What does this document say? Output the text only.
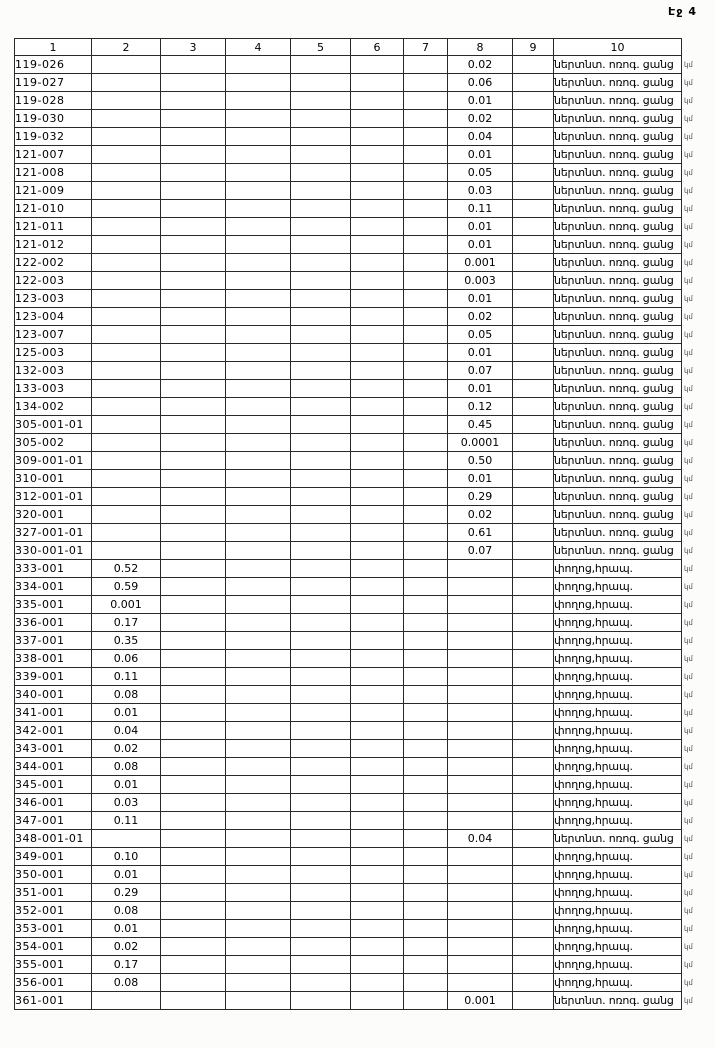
Էջ 4
1	2	3	4	5	6	7	8	9	10
119-026							0.02		ներտնտ. ոռոգ. ցանց
119-027							0.06		ներտնտ. ոռոգ. ցանց
119-028							0.01		ներտնտ. ոռոգ. ցանց
119-030							0.02		ներտնտ. ոռոգ. ցանց
119-032							0.04		ներտնտ. ոռոգ. ցանց
121-007							0.01		ներտնտ. ոռոգ. ցանց
121-008							0.05		ներտնտ. ոռոգ. ցանց
121-009							0.03		ներտնտ. ոռոգ. ցանց
121-010							0.11		ներտնտ. ոռոգ. ցանց
121-011							0.01		ներտնտ. ոռոգ. ցանց
121-012							0.01		ներտնտ. ոռոգ. ցանց
122-002							0.001		ներտնտ. ոռոգ. ցանց
122-003							0.003		ներտնտ. ոռոգ. ցանց
123-003							0.01		ներտնտ. ոռոգ. ցանց
123-004							0.02		ներտնտ. ոռոգ. ցանց
123-007							0.05		ներտնտ. ոռոգ. ցանց
125-003							0.01		ներտնտ. ոռոգ. ցանց
132-003							0.07		ներտնտ. ոռոգ. ցանց
133-003							0.01		ներտնտ. ոռոգ. ցանց
134-002							0.12		ներտնտ. ոռոգ. ցանց
305-001-01							0.45		ներտնտ. ոռոգ. ցանց
305-002							0.0001		ներտնտ. ոռոգ. ցանց
309-001-01							0.50		ներտնտ. ոռոգ. ցանց
310-001							0.01		ներտնտ. ոռոգ. ցանց
312-001-01							0.29		ներտնտ. ոռոգ. ցանց
320-001							0.02		ներտնտ. ոռոգ. ցանց
327-001-01							0.61		ներտնտ. ոռոգ. ցանց
330-001-01							0.07		ներտնտ. ոռոգ. ցանց
333-001	0.52								փողոց,հրապ.
334-001	0.59								փողոց,հրապ.
335-001	0.001								փողոց,հրապ.
336-001	0.17								փողոց,հրապ.
337-001	0.35								փողոց,հրապ.
338-001	0.06								փողոց,հրապ.
339-001	0.11								փողոց,հրապ.
340-001	0.08								փողոց,հրապ.
341-001	0.01								փողոց,հրապ.
342-001	0.04								փողոց,հրապ.
343-001	0.02								փողոց,հրապ.
344-001	0.08								փողոց,հրապ.
345-001	0.01								փողոց,հրապ.
346-001	0.03								փողոց,հրապ.
347-001	0.11								փողոց,հրապ.
348-001-01							0.04		ներտնտ. ոռոգ. ցանց
349-001	0.10								փողոց,հրապ.
350-001	0.01								փողոց,հրապ.
351-001	0.29								փողոց,հրապ.
352-001	0.08								փողոց,հրապ.
353-001	0.01								փողոց,հրապ.
354-001	0.02								փողոց,հրապ.
355-001	0.17								փողոց,հրապ.
356-001	0.08								փողոց,հրապ.
361-001							0.001		ներտնտ. ոռոգ. ցանց
կմ
կմ
կմ
կմ
կմ
կմ
կմ
կմ
կմ
կմ
կմ
կմ
կմ
կմ
կմ
կմ
կմ
կմ
կմ
կմ
կմ
կմ
կմ
կմ
կմ
կմ
կմ
կմ
կմ
կմ
կմ
կմ
կմ
կմ
կմ
կմ
կմ
կմ
կմ
կմ
կմ
կմ
կմ
կմ
կմ
կմ
կմ
կմ
կմ
կմ
կմ
կմ
կմ
